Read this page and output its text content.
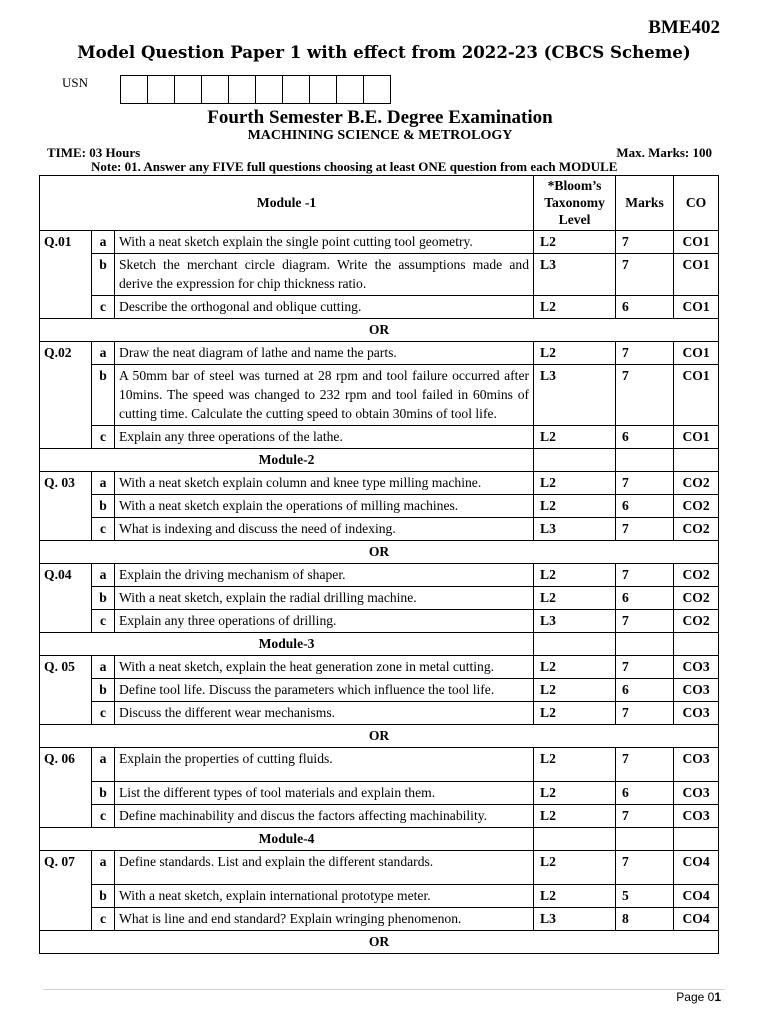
BME402
Model Question Paper 1 with effect from 2022-23 (CBCS Scheme)
USN
Fourth Semester B.E. Degree Examination
MACHINING SCIENCE & METROLOGY
TIME: 03 Hours	Max. Marks: 100
Note: 01. Answer any FIVE full questions choosing at least ONE question from each MODULE
Module -1			*Bloom’s Taxonomy Level	Marks	CO
Q.01	a	With a neat sketch explain the single point cutting tool geometry.	L2	7	CO1
	b	Sketch the merchant circle diagram. Write the assumptions made and derive the expression for chip thickness ratio.	L3	7	CO1
	c	Describe the orthogonal and oblique cutting.	L2	6	CO1
OR					
Q.02	a	Draw the neat diagram of lathe and name the parts.	L2	7	CO1
	b	A 50mm bar of steel was turned at 28 rpm and tool failure occurred after 10mins. The speed was changed to 232 rpm and tool failed in 60mins of cutting time. Calculate the cutting speed to obtain 30mins of tool life.	L3	7	CO1
	c	Explain any three operations of the lathe.	L2	6	CO1
Module-2					
Q. 03	a	With a neat sketch explain column and knee type milling machine.	L2	7	CO2
	b	With a neat sketch explain the operations of milling machines.	L2	6	CO2
	c	What is indexing and discuss the need of indexing.	L3	7	CO2
OR					
Q.04	a	Explain the driving mechanism of shaper.	L2	7	CO2
	b	With a neat sketch, explain the radial drilling machine.	L2	6	CO2
	c	Explain any three operations of drilling.	L3	7	CO2
Module-3					
Q. 05	a	With a neat sketch, explain the heat generation zone in metal cutting.	L2	7	CO3
	b	Define tool life. Discuss the parameters which influence the tool life.	L2	6	CO3
	c	Discuss the different wear mechanisms.	L2	7	CO3
OR					
Q. 06	a	Explain the properties of cutting fluids.	L2	7	CO3
	b	List the different types of tool materials and explain them.	L2	6	CO3
	c	Define machinability and discus the factors affecting machinability.	L2	7	CO3
Module-4					
Q. 07	a	Define standards. List and explain the different standards.	L2	7	CO4
	b	With a neat sketch, explain international prototype meter.	L2	5	CO4
	c	What is line and end standard? Explain wringing phenomenon.	L3	8	CO4
OR					
Page 01
